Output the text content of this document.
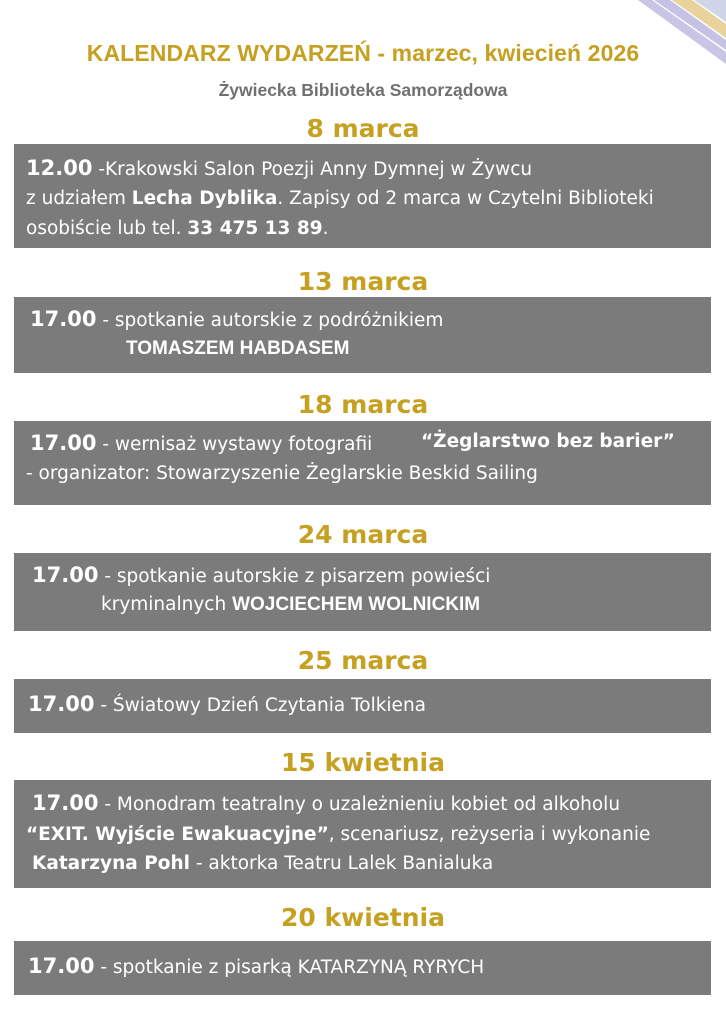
KALENDARZ WYDARZEŃ - marzec, kwiecień 2026
Żywiecka Biblioteka Samorządowa
8 marca
12.00 -Krakowski Salon Poezji Anny Dymnej w Żywcu
z udziałem Lecha Dyblika. Zapisy od 2 marca w Czytelni Biblioteki
osobiście lub tel. 33 475 13 89.
13 marca
17.00 - spotkanie autorskie z podróżnikiem
TOMASZEM HABDASEM
18 marca
17.00 - wernisaż wystawy fotografii	“Żeglarstwo bez barier”
- organizator: Stowarzyszenie Żeglarskie Beskid Sailing
24 marca
17.00 - spotkanie autorskie z pisarzem powieści
kryminalnych WOJCIECHEM WOLNICKIM
25 marca
17.00 - Światowy Dzień Czytania Tolkiena
15 kwietnia
17.00 - Monodram teatralny o uzależnieniu kobiet od alkoholu
“EXIT. Wyjście Ewakuacyjne”, scenariusz, reżyseria i wykonanie
Katarzyna Pohl - aktorka Teatru Lalek Banialuka
20 kwietnia
17.00 - spotkanie z pisarką KATARZYNĄ RYRYCH
